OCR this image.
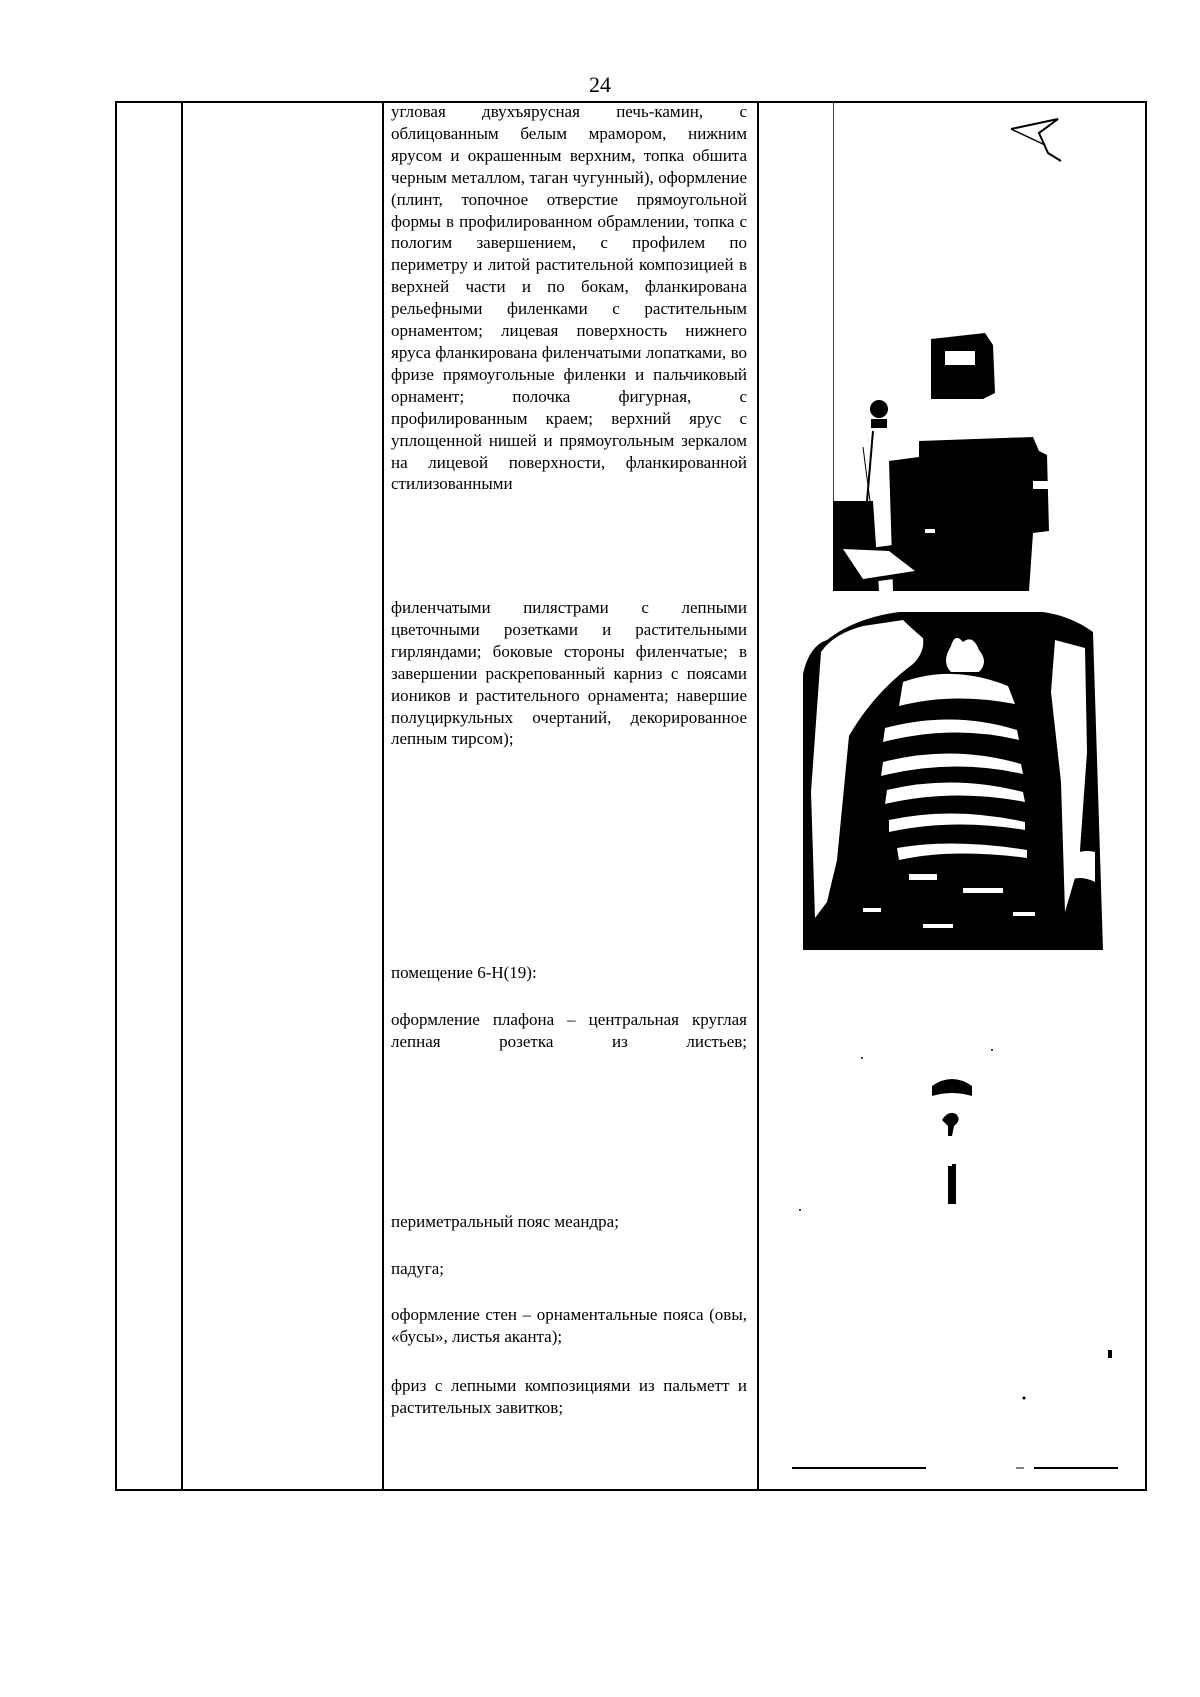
24

угловая двухъярусная печь-камин, с облицованным белым мрамором, нижним ярусом и окрашенным верхним, топка обшита черным металлом, таган чугунный), оформление (плинт, топочное отверстие прямоугольной формы в профилированном обрамлении, топка с пологим завершением, с профилем по периметру и литой растительной композицией в верхней части и по бокам, фланкирована рельефными филенками с растительным орнаментом; лицевая поверхность нижнего яруса фланкирована филенчатыми лопатками, во фризе прямоугольные филенки и пальчиковый орнамент; полочка фигурная, с профилированным краем; верхний ярус с уплощенной нишей и прямоугольным зеркалом на лицевой поверхности, фланкированной стилизованными

филенчатыми пилястрами с лепными цветочными розетками и растительными гирляндами; боковые стороны филенчатые; в завершении раскрепованный карниз с поясами иоников и растительного орнамента; навершие полуциркульных очертаний, декорированное лепным тирсом);

помещение 6-Н(19):

оформление плафона – центральная круглая лепная розетка из листьев;

периметральный пояс меандра;

падуга;

оформление стен – орнаментальные пояса (овы, «бусы», листья аканта);

фриз с лепными композициями из пальметт и растительных завитков;
